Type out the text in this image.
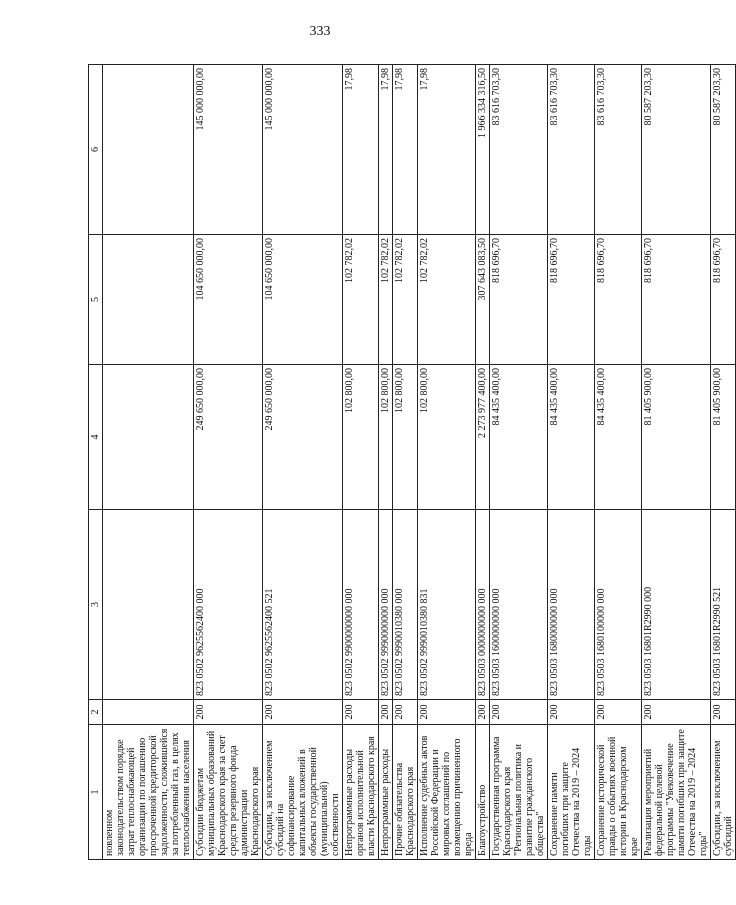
333
1	2	3	4	5	6
новленном законодательством порядке затрат теплоснабжающей организации по погашению просроченной кредиторской задолженности, сложившейся за потребленный газ, в целях теплоснабжения населения					
Субсидии бюджетам муниципальных образований Краснодарского края за счет средств резервного фонда администрации Краснодарского края	200	823 0502 9625562400 000	249 650 000,00	104 650 000,00	145 000 000,00
Субсидии, за исключением субсидий на софинансирование капитальных вложений в объекты государственной (муниципальной) собственности	200	823 0502 9625562400 521	249 650 000,00	104 650 000,00	145 000 000,00
Непрограммные расходы органов исполнительной власти Краснодарского края	200	823 0502 9900000000 000	102 800,00	102 782,02	17,98
Непрограммные расходы	200	823 0502 9990000000 000	102 800,00	102 782,02	17,98
Прочие обязательства Краснодарского края	200	823 0502 9990010380 000	102 800,00	102 782,02	17,98
Исполнение судебных актов Российской Федерации и мировых соглашений по возмещению причиненного вреда	200	823 0502 9990010380 831	102 800,00	102 782,02	17,98
Благоустройство	200	823 0503 0000000000 000	2 273 977 400,00	307 643 083,50	1 966 334 316,50
Государственная программа Краснодарского края "Региональная политика и развитие гражданского общества"	200	823 0503 1600000000 000	84 435 400,00	818 696,70	83 616 703,30
Сохранение памяти погибших при защите Отечества на 2019 – 2024 годы	200	823 0503 1680000000 000	84 435 400,00	818 696,70	83 616 703,30
Сохранение исторической правды о событиях военной истории в Краснодарском крае	200	823 0503 1680100000 000	84 435 400,00	818 696,70	83 616 703,30
Реализация мероприятий федеральной целевой программы "Увековечение памяти погибших при защите Отечества на 2019 – 2024 годы"	200	823 0503 16801R2990 000	81 405 900,00	818 696,70	80 587 203,30
Субсидии, за исключением субсидий	200	823 0503 16801R2990 521	81 405 900,00	818 696,70	80 587 203,30
